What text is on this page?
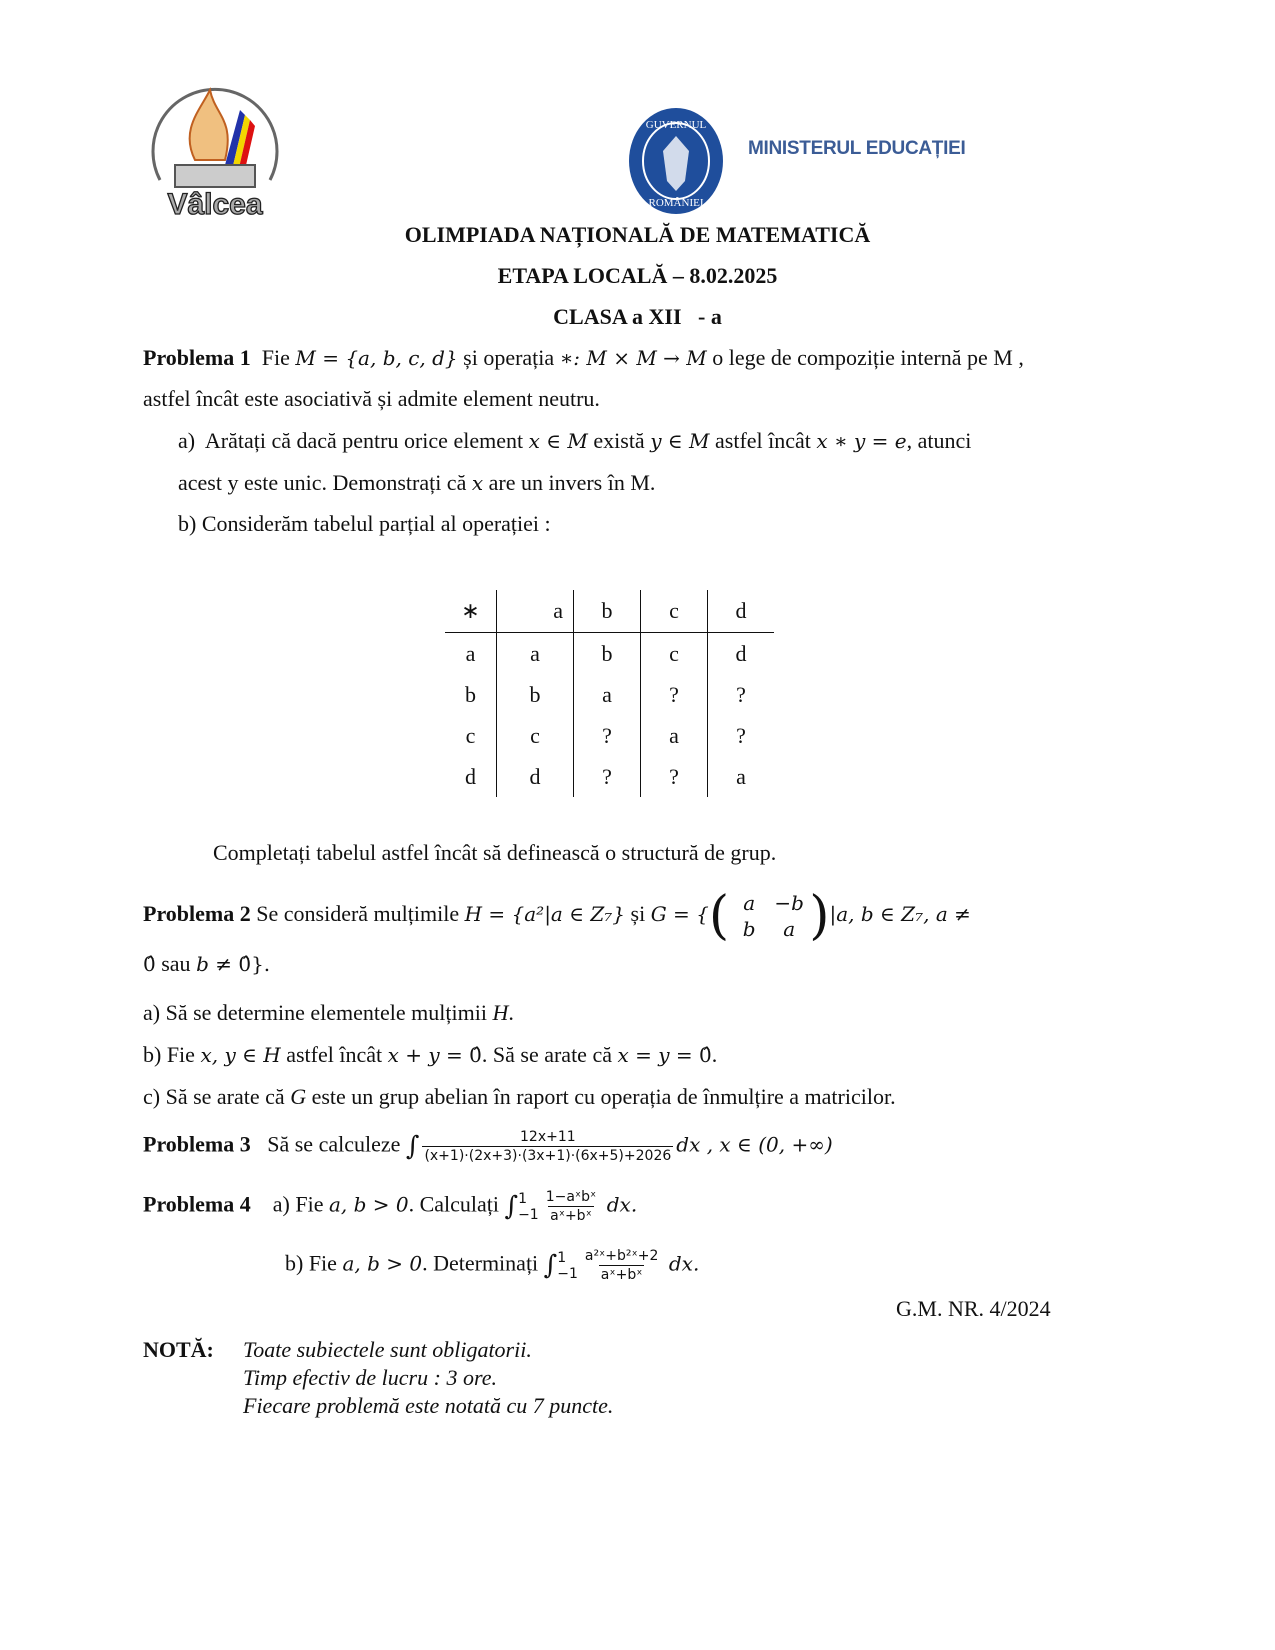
Vâlcea
GUVERNUL
ROMÂNIEI
MINISTERUL EDUCAȚIEI
OLIMPIADA NAȚIONALĂ DE MATEMATICĂ
ETAPA LOCALĂ – 8.02.2025
CLASA a XII   - a
Problema 1  Fie M = {a, b, c, d} și operația ∗: M × M → M o lege de compoziție internă pe M ,
astfel încât este asociativă și admite element neutru.
a)  Arătați că dacă pentru orice element x ∈ M există y ∈ M astfel încât x ∗ y = e, atunci
acest y este unic. Demonstrați că x are un invers în M.
b) Considerăm tabelul parțial al operației :
Completați tabelul astfel încât să definească o structură de grup.
0̂ sau b ≠ 0̂}.
a) Să se determine elementele mulțimii H.
b) Fie x, y ∈ H astfel încât x + y = 0̂. Să se arate că x = y = 0̂.
c) Să se arate că G este un grup abelian în raport cu operația de înmulțire a matricilor.
∗	a	b	c	d
a	a	b	c	d
b	b	a	?	?
c	c	?	a	?
d	d	?	?	a
Problema 2 Se consideră mulțimile H = {a²|a ∈ Z₇} și G = { ( a −b
b	a ) |a, b ∈ Z₇, a ≠
Problema 3   Să se calculeze ∫ $\frac{12x+11}{(x+1)\cdot(2x+3)\cdot(3x+1)\cdot(6x+5)+2026}$ dx , x ∈ (0, +∞)
Problema 4    a) Fie a, b > 0. Calculați ∫ 1
$-1 \frac{\text{1−aˣbˣ}}{\text{aˣ+bˣ}}$ dx.
b) Fie a, b > 0. Determinați ∫ 1
$-1 \frac{\text{a²ˣ+b²ˣ+2}}{\text{aˣ+bˣ}}$ dx.
G.M. NR. 4/2024
NOTĂ: Toate subiectele sunt obligatorii.
Timp efectiv de lucru : 3 ore.
Fiecare problemă este notată cu 7 puncte.
